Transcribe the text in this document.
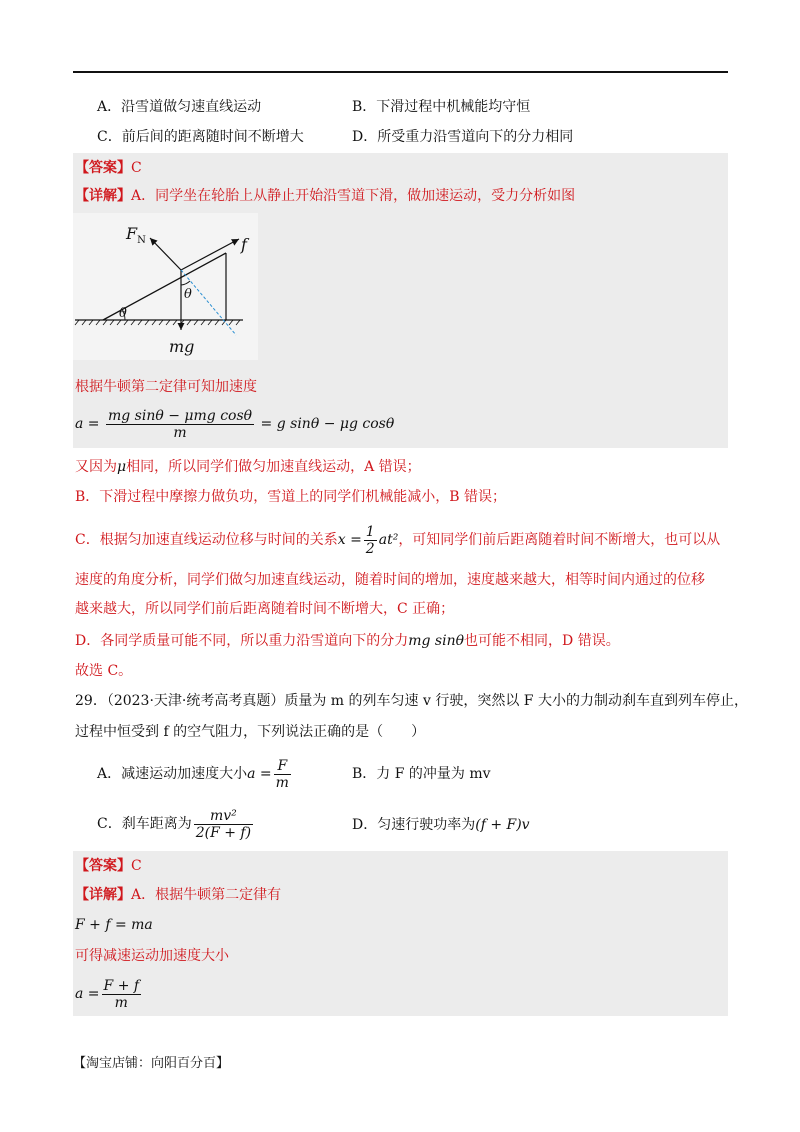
A．沿雪道做匀速直线运动	B．下滑过程中机械能均守恒
C．前后间的距离随时间不断增大	D．所受重力沿雪道向下的分力相同
【答案】C
【详解】A．同学坐在轮胎上从静止开始沿雪道下滑，做加速运动，受力分析如图
$F_N$	f
θ
θ
mg
根据牛顿第二定律可知加速度
$a = \frac{\text{mg sinθ − μmg cosθ}}{m} = g$ sinθ − μg cosθ
又因为μ相同，所以同学们做匀加速直线运动，A 错误；
B．下滑过程中摩擦力做负功，雪道上的同学们机械能减小，B 错误；
C．根据匀加速直线运动位移与时间的关系$x = \frac{1}{2} at^2$，可知同学们前后距离随着时间不断增大，也可以从
速度的角度分析，同学们做匀加速直线运动，随着时间的增加，速度越来越大，相等时间内通过的位移
越来越大，所以同学们前后距离随着时间不断增大，C 正确；
D．各同学质量可能不同，所以重力沿雪道向下的分力mg sinθ也可能不相同，D 错误。
故选 C。
29．（2023·天津·统考高考真题）质量为 m 的列车匀速 v 行驶，突然以 F 大小的力制动刹车直到列车停止，
过程中恒受到 f 的空气阻力，下列说法正确的是（　　）
A．减速运动加速度大小$a = \frac{F}{m}$	B．力 F 的冲量为 mv
C．刹车距离为 $\frac{\text{mv²}}{2(F + f)}$	D．匀速行驶功率为(f + F)v
【答案】C
【详解】A．根据牛顿第二定律有
F + f = ma
可得减速运动加速度大小
$a = \frac{F + f}{m}$
【淘宝店铺：向阳百分百】
